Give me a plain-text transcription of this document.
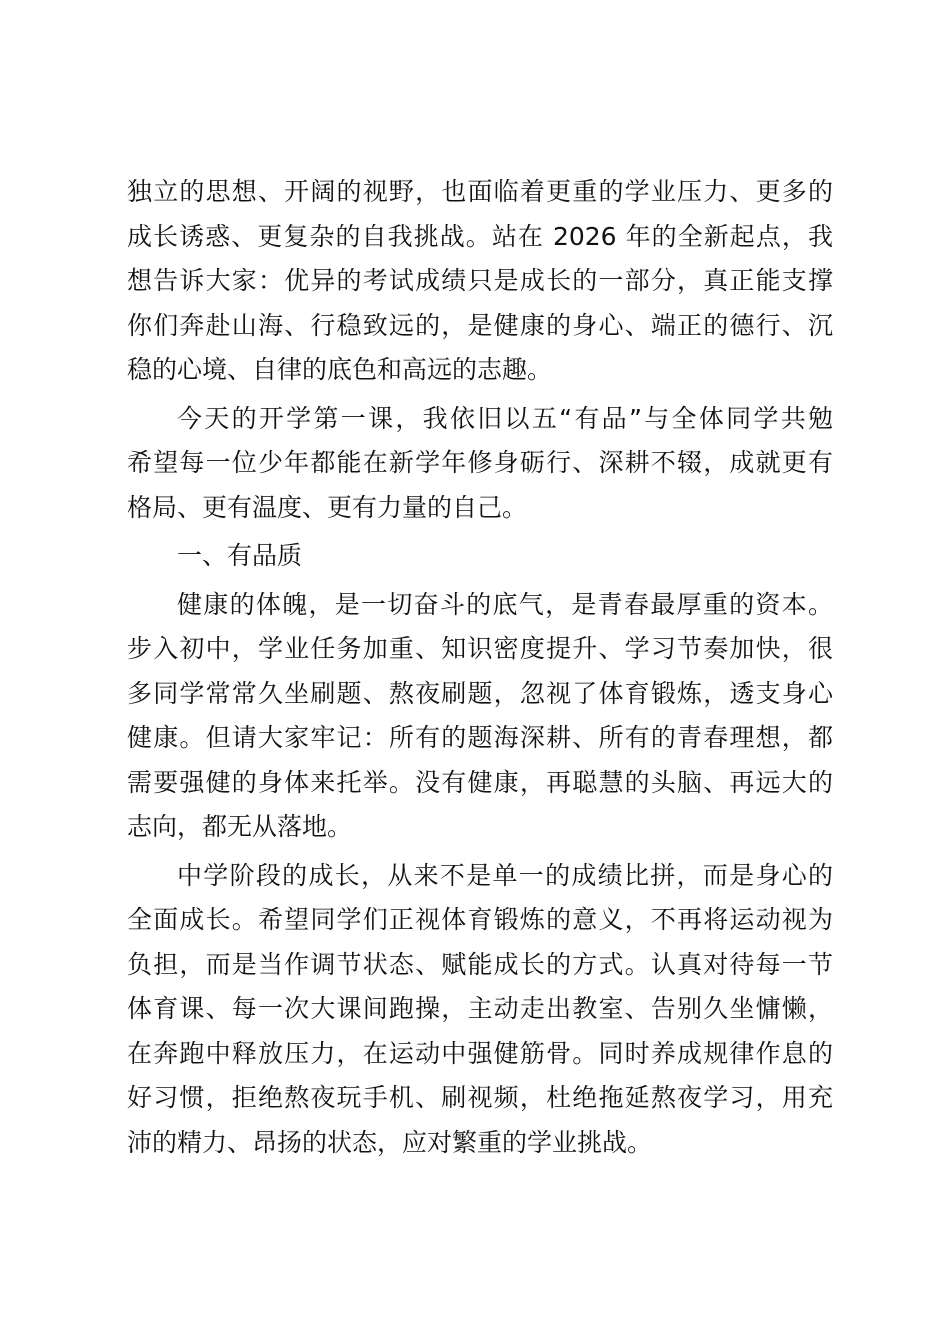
独立的思想、开阔的视野，也面临着更重的学业压力、更多的
成长诱惑、更复杂的自我挑战。站在 2026 年的全新起点，我
想告诉大家：优异的考试成绩只是成长的一部分，真正能支撑
你们奔赴山海、行稳致远的，是健康的身心、端正的德行、沉
稳的心境、自律的底色和高远的志趣。
今天的开学第一课，我依旧以五“有品”与全体同学共勉
希望每一位少年都能在新学年修身砺行、深耕不辍，成就更有
格局、更有温度、更有力量的自己。
一、有品质
健康的体魄，是一切奋斗的底气，是青春最厚重的资本。
步入初中，学业任务加重、知识密度提升、学习节奏加快，很
多同学常常久坐刷题、熬夜刷题，忽视了体育锻炼，透支身心
健康。但请大家牢记：所有的题海深耕、所有的青春理想，都
需要强健的身体来托举。没有健康，再聪慧的头脑、再远大的
志向，都无从落地。
中学阶段的成长，从来不是单一的成绩比拼，而是身心的
全面成长。希望同学们正视体育锻炼的意义，不再将运动视为
负担，而是当作调节状态、赋能成长的方式。认真对待每一节
体育课、每一次大课间跑操，主动走出教室、告别久坐慵懒，
在奔跑中释放压力，在运动中强健筋骨。同时养成规律作息的
好习惯，拒绝熬夜玩手机、刷视频，杜绝拖延熬夜学习，用充
沛的精力、昂扬的状态，应对繁重的学业挑战。
